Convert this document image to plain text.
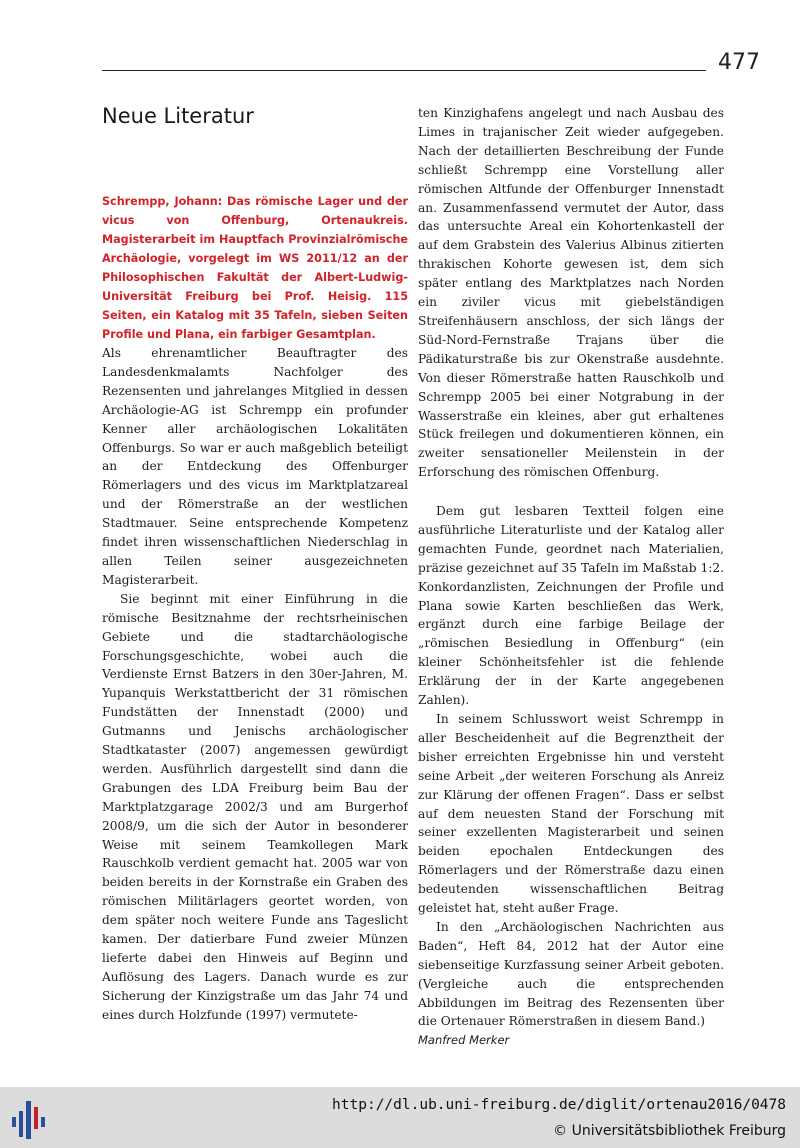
477
Neue Literatur

Schrempp, Johann: Das römische Lager und der vicus von Offenburg, Ortenaukreis. Magisterarbeit im Hauptfach Provinzialrömische Archäologie, vorgelegt im WS 2011/12 an der Philosophischen Fakultät der Albert-Ludwig-Universität Freiburg bei Prof. Heisig. 115 Seiten, ein Katalog mit 35 Tafeln, sieben Seiten Profile und Plana, ein farbiger Gesamtplan.

Als ehrenamtlicher Beauftragter des Landesdenkmalamts Nachfolger des Rezensenten und jahrelanges Mitglied in dessen Archäologie-AG ist Schrempp ein profunder Kenner aller archäologischen Lokalitäten Offenburgs. So war er auch maßgeblich beteiligt an der Entdeckung des Offenburger Römerlagers und des vicus im Marktplatzareal und der Römerstraße an der westlichen Stadtmauer. Seine entsprechende Kompetenz findet ihren wissenschaftlichen Niederschlag in allen Teilen seiner ausgezeichneten Magisterarbeit.

Sie beginnt mit einer Einführung in die römische Besitznahme der rechtsrheinischen Gebiete und die stadtarchäologische Forschungsgeschichte, wobei auch die Verdienste Ernst Batzers in den 30er-Jahren, M. Yupanquis Werkstattbericht der 31 römischen Fundstätten der Innenstadt (2000) und Gutmanns und Jenischs archäologischer Stadtkataster (2007) angemessen gewürdigt werden. Ausführlich dargestellt sind dann die Grabungen des LDA Freiburg beim Bau der Marktplatzgarage 2002/3 und am Burgerhof 2008/9, um die sich der Autor in besonderer Weise mit seinem Teamkollegen Mark Rauschkolb verdient gemacht hat. 2005 war von beiden bereits in der Kornstraße ein Graben des römischen Militärlagers geortet worden, von dem später noch weitere Funde ans Tageslicht kamen. Der datierbare Fund zweier Münzen lieferte dabei den Hinweis auf Beginn und Auflösung des Lagers. Danach wurde es zur Sicherung der Kinzigstraße um das Jahr 74 und eines durch Holzfunde (1997) vermutete-

ten Kinzighafens angelegt und nach Ausbau des Limes in trajanischer Zeit wieder aufgegeben. Nach der detaillierten Beschreibung der Funde schließt Schrempp eine Vorstellung aller römischen Altfunde der Offenburger Innenstadt an. Zusammenfassend vermutet der Autor, dass das untersuchte Areal ein Kohortenkastell der auf dem Grabstein des Valerius Albinus zitierten thrakischen Kohorte gewesen ist, dem sich später entlang des Marktplatzes nach Norden ein ziviler vicus mit giebelständigen Streifenhäusern anschloss, der sich längs der Süd-Nord-Fernstraße Trajans über die Pädikaturstraße bis zur Okenstraße ausdehnte. Von dieser Römerstraße hatten Rauschkolb und Schrempp 2005 bei einer Notgrabung in der Wasserstraße ein kleines, aber gut erhaltenes Stück freilegen und dokumentieren können, ein zweiter sensationeller Meilenstein in der Erforschung des römischen Offenburg.

Dem gut lesbaren Textteil folgen eine ausführliche Literaturliste und der Katalog aller gemachten Funde, geordnet nach Materialien, präzise gezeichnet auf 35 Tafeln im Maßstab 1:2. Konkordanzlisten, Zeichnungen der Profile und Plana sowie Karten beschließen das Werk, ergänzt durch eine farbige Beilage der „römischen Besiedlung in Offenburg“ (ein kleiner Schönheitsfehler ist die fehlende Erklärung der in der Karte angegebenen Zahlen).

In seinem Schlusswort weist Schrempp in aller Bescheidenheit auf die Begrenztheit der bisher erreichten Ergebnisse hin und versteht seine Arbeit „der weiteren Forschung als Anreiz zur Klärung der offenen Fragen“. Dass er selbst auf dem neuesten Stand der Forschung mit seiner exzellenten Magisterarbeit und seinen beiden epochalen Entdeckungen des Römerlagers und der Römerstraße dazu einen bedeutenden wissenschaftlichen Beitrag geleistet hat, steht außer Frage.

In den „Archäologischen Nachrichten aus Baden“, Heft 84, 2012 hat der Autor eine siebenseitige Kurzfassung seiner Arbeit geboten. (Vergleiche auch die entsprechenden Abbildungen im Beitrag des Rezensenten über die Ortenauer Römerstraßen in diesem Band.)

Manfred Merker

http://dl.ub.uni-freiburg.de/diglit/ortenau2016/0478
© Universitätsbibliothek Freiburg
